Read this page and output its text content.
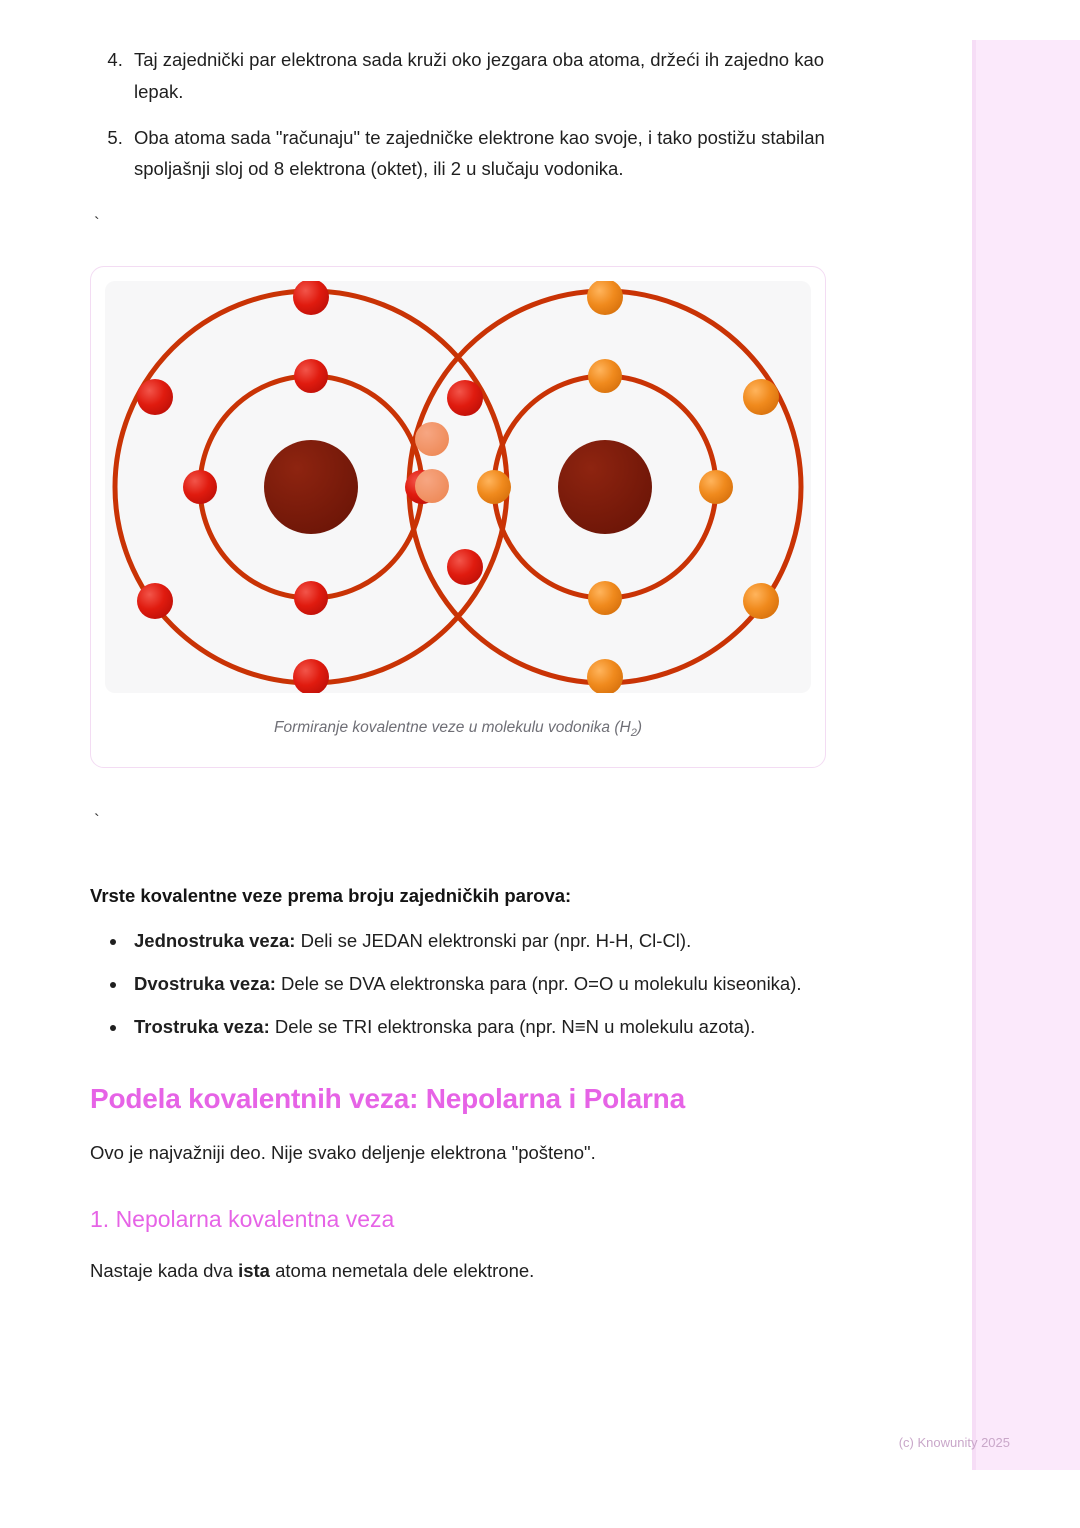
4. Taj zajednički par elektrona sada kruži oko jezgara oba atoma, držeći ih zajedno kao lepak.
5. Oba atoma sada "računaju" te zajedničke elektrone kao svoje, i tako postižu stabilan spoljašnji sloj od 8 elektrona (oktet), ili 2 u slučaju vodonika.
`
Formiranje kovalentne veze u molekulu vodonika $(H_2)$
`
Vrste kovalentne veze prema broju zajedničkih parova:
• Jednostruka veza: Deli se JEDAN elektronski par (npr. H-H, Cl-Cl).
• Dvostruka veza: Dele se DVA elektronska para (npr. O=O u molekulu kiseonika).
• Trostruka veza: Dele se TRI elektronska para (npr. N≡N u molekulu azota).
Podela kovalentnih veza: Nepolarna i Polarna

Ovo je najvažniji deo. Nije svako deljenje elektrona "pošteno".

1. Nepolarna kovalentna veza

Nastaje kada dva ista atoma nemetala dele elektrone.

(c) Knowunity 2025
